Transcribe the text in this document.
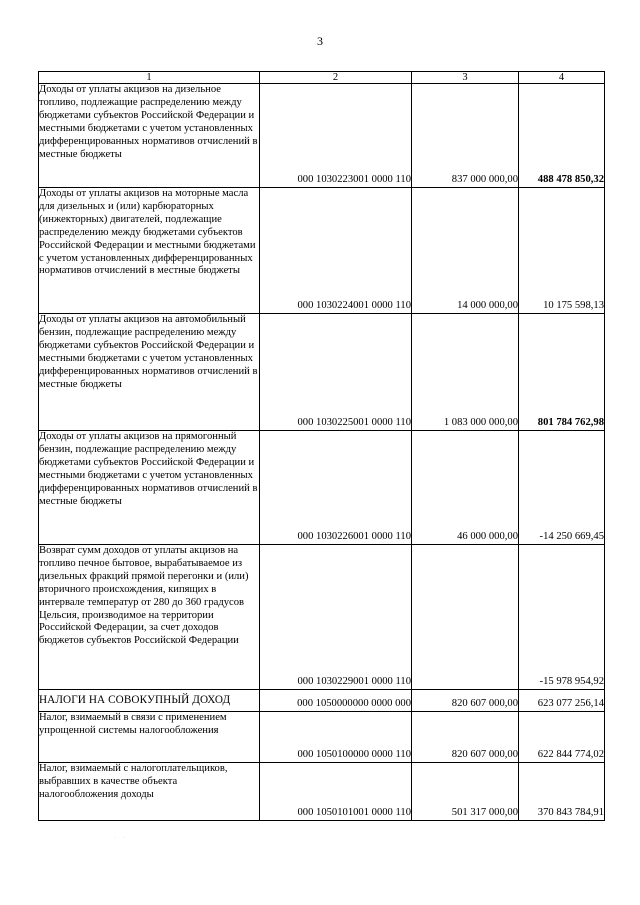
3
1	2	3	4
Доходы от уплаты акцизов на дизельное топливо, подлежащие распределению между бюджетами субъектов Российской Федерации и местными бюджетами с учетом установленных дифференцированных нормативов отчислений в местные бюджеты	000 1030223001 0000 110	837 000 000,00	488 478 850,32
Доходы от уплаты акцизов на моторные масла для дизельных и (или) карбюраторных (инжекторных) двигателей, подлежащие распределению между бюджетами субъектов Российской Федерации и местными бюджетами с учетом установленных дифференцированных нормативов отчислений в местные бюджеты	000 1030224001 0000 110	14 000 000,00	10 175 598,13
Доходы от уплаты акцизов на автомобильный бензин, подлежащие распределению между бюджетами субъектов Российской Федерации и местными бюджетами с учетом установленных дифференцированных нормативов отчислений в местные бюджеты	000 1030225001 0000 110	1 083 000 000,00	801 784 762,98
Доходы от уплаты акцизов на прямогонный бензин, подлежащие распределению между бюджетами субъектов Российской Федерации и местными бюджетами с учетом установленных дифференцированных нормативов отчислений в местные бюджеты	000 1030226001 0000 110	46 000 000,00	-14 250 669,45
Возврат сумм доходов от уплаты акцизов на топливо печное бытовое, вырабатываемое из дизельных фракций прямой перегонки и (или) вторичного происхождения, кипящих в интервале температур от 280 до 360 градусов Цельсия, производимое на территории Российской Федерации, за счет доходов бюджетов субъектов Российской Федерации	000 1030229001 0000 110		-15 978 954,92
НАЛОГИ НА СОВОКУПНЫЙ ДОХОД	000 1050000000 0000 000	820 607 000,00	623 077 256,14
Налог, взимаемый в связи с применением упрощенной системы налогообложения	000 1050100000 0000 110	820 607 000,00	622 844 774,02
Налог, взимаемый с налогоплательщиков, выбравших в качестве объекта налогообложения доходы	000 1050101001 0000 110	501 317 000,00	370 843 784,91
· ·
